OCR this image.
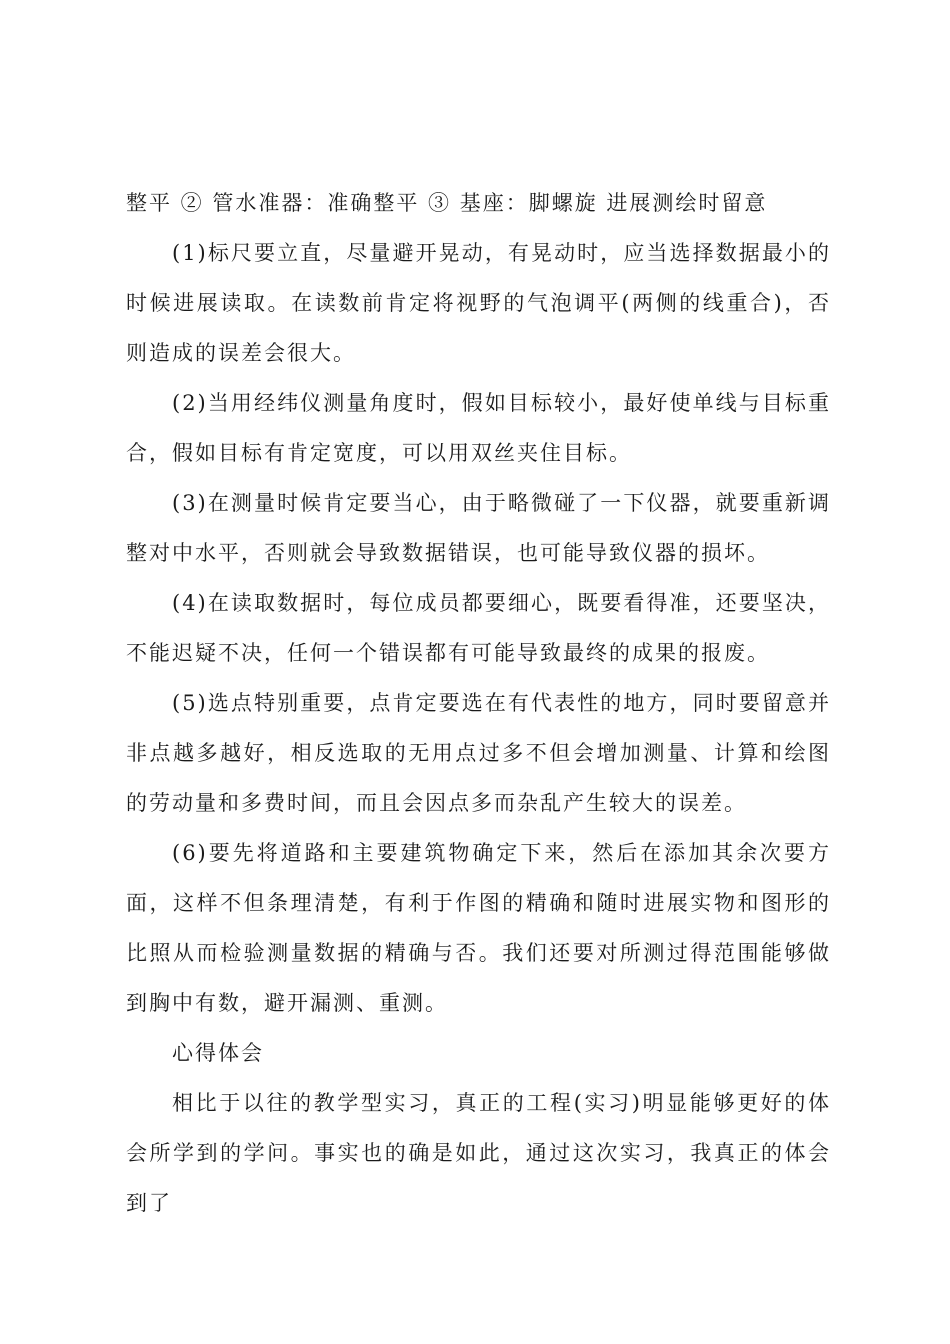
整平 ② 管水准器：准确整平 ③ 基座：脚螺旋 进展测绘时留意

(1)标尺要立直，尽量避开晃动，有晃动时，应当选择数据最小的时候进展读取。在读数前肯定将视野的气泡调平(两侧的线重合)，否则造成的误差会很大。

(2)当用经纬仪测量角度时，假如目标较小，最好使单线与目标重合，假如目标有肯定宽度，可以用双丝夹住目标。

(3)在测量时候肯定要当心，由于略微碰了一下仪器，就要重新调整对中水平，否则就会导致数据错误，也可能导致仪器的损坏。

(4)在读取数据时，每位成员都要细心，既要看得准，还要坚决，不能迟疑不决，任何一个错误都有可能导致最终的成果的报废。

(5)选点特别重要，点肯定要选在有代表性的地方，同时要留意并非点越多越好，相反选取的无用点过多不但会增加测量、计算和绘图的劳动量和多费时间，而且会因点多而杂乱产生较大的误差。

(6)要先将道路和主要建筑物确定下来，然后在添加其余次要方面，这样不但条理清楚，有利于作图的精确和随时进展实物和图形的比照从而检验测量数据的精确与否。我们还要对所测过得范围能够做到胸中有数，避开漏测、重测。

心得体会

相比于以往的教学型实习，真正的工程(实习)明显能够更好的体会所学到的学问。事实也的确是如此，通过这次实习，我真正的体会到了
